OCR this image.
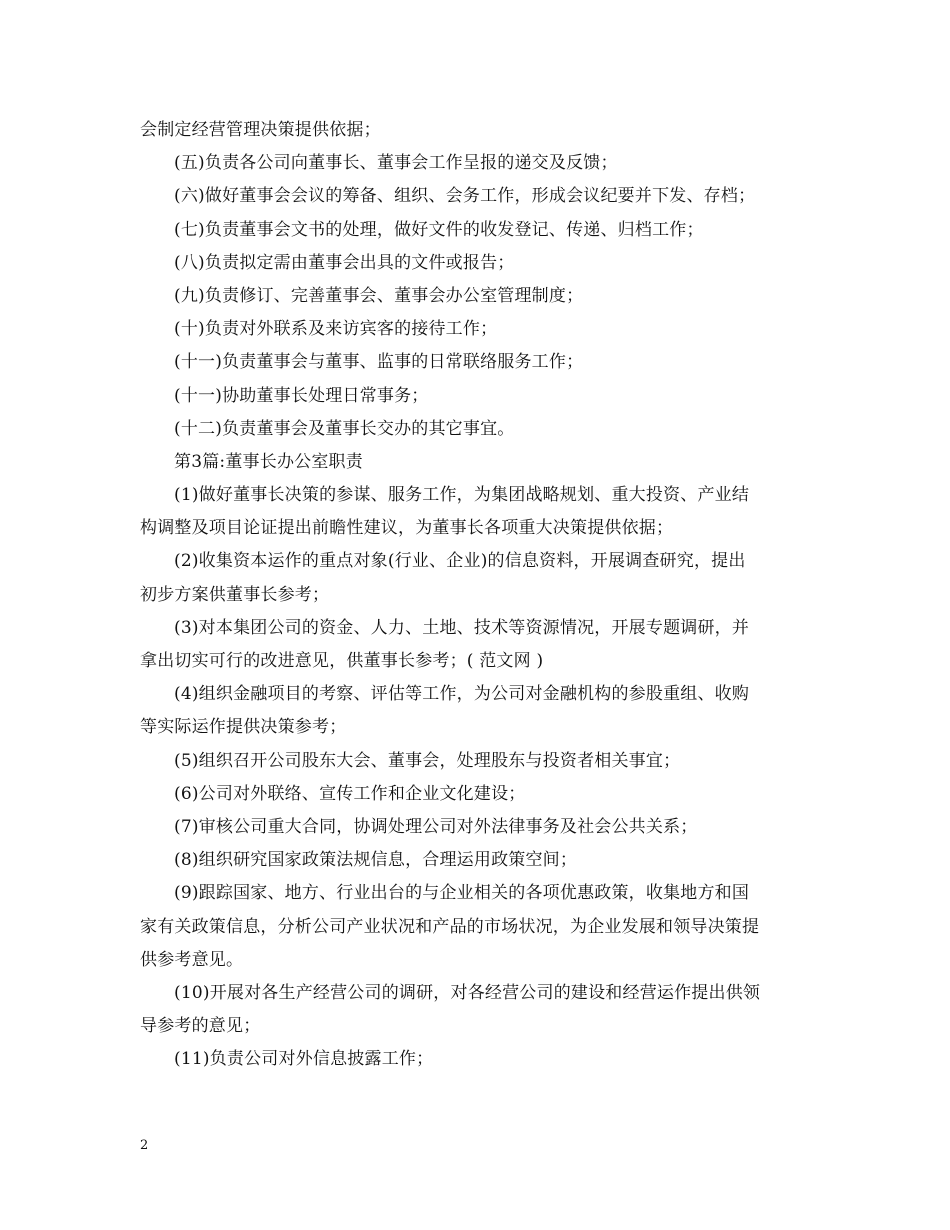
会制定经营管理决策提供依据；
(五)负责各公司向董事长、董事会工作呈报的递交及反馈；
(六)做好董事会会议的筹备、组织、会务工作，形成会议纪要并下发、存档；
(七)负责董事会文书的处理，做好文件的收发登记、传递、归档工作；
(八)负责拟定需由董事会出具的文件或报告；
(九)负责修订、完善董事会、董事会办公室管理制度；
(十)负责对外联系及来访宾客的接待工作；
(十一)负责董事会与董事、监事的日常联络服务工作；
(十一)协助董事长处理日常事务；
(十二)负责董事会及董事长交办的其它事宜。
第3篇:董事长办公室职责
(1)做好董事长决策的参谋、服务工作，为集团战略规划、重大投资、产业结
构调整及项目论证提出前瞻性建议，为董事长各项重大决策提供依据；
(2)收集资本运作的重点对象(行业、企业)的信息资料，开展调查研究，提出
初步方案供董事长参考；
(3)对本集团公司的资金、人力、土地、技术等资源情况，开展专题调研，并
拿出切实可行的改进意见，供董事长参考；( 范文网 )
(4)组织金融项目的考察、评估等工作，为公司对金融机构的参股重组、收购
等实际运作提供决策参考；
(5)组织召开公司股东大会、董事会，处理股东与投资者相关事宜；
(6)公司对外联络、宣传工作和企业文化建设；
(7)审核公司重大合同，协调处理公司对外法律事务及社会公共关系；
(8)组织研究国家政策法规信息，合理运用政策空间；
(9)跟踪国家、地方、行业出台的与企业相关的各项优惠政策，收集地方和国
家有关政策信息，分析公司产业状况和产品的市场状况，为企业发展和领导决策提
供参考意见。
(10)开展对各生产经营公司的调研，对各经营公司的建设和经营运作提出供领
导参考的意见；
(11)负责公司对外信息披露工作；
2
